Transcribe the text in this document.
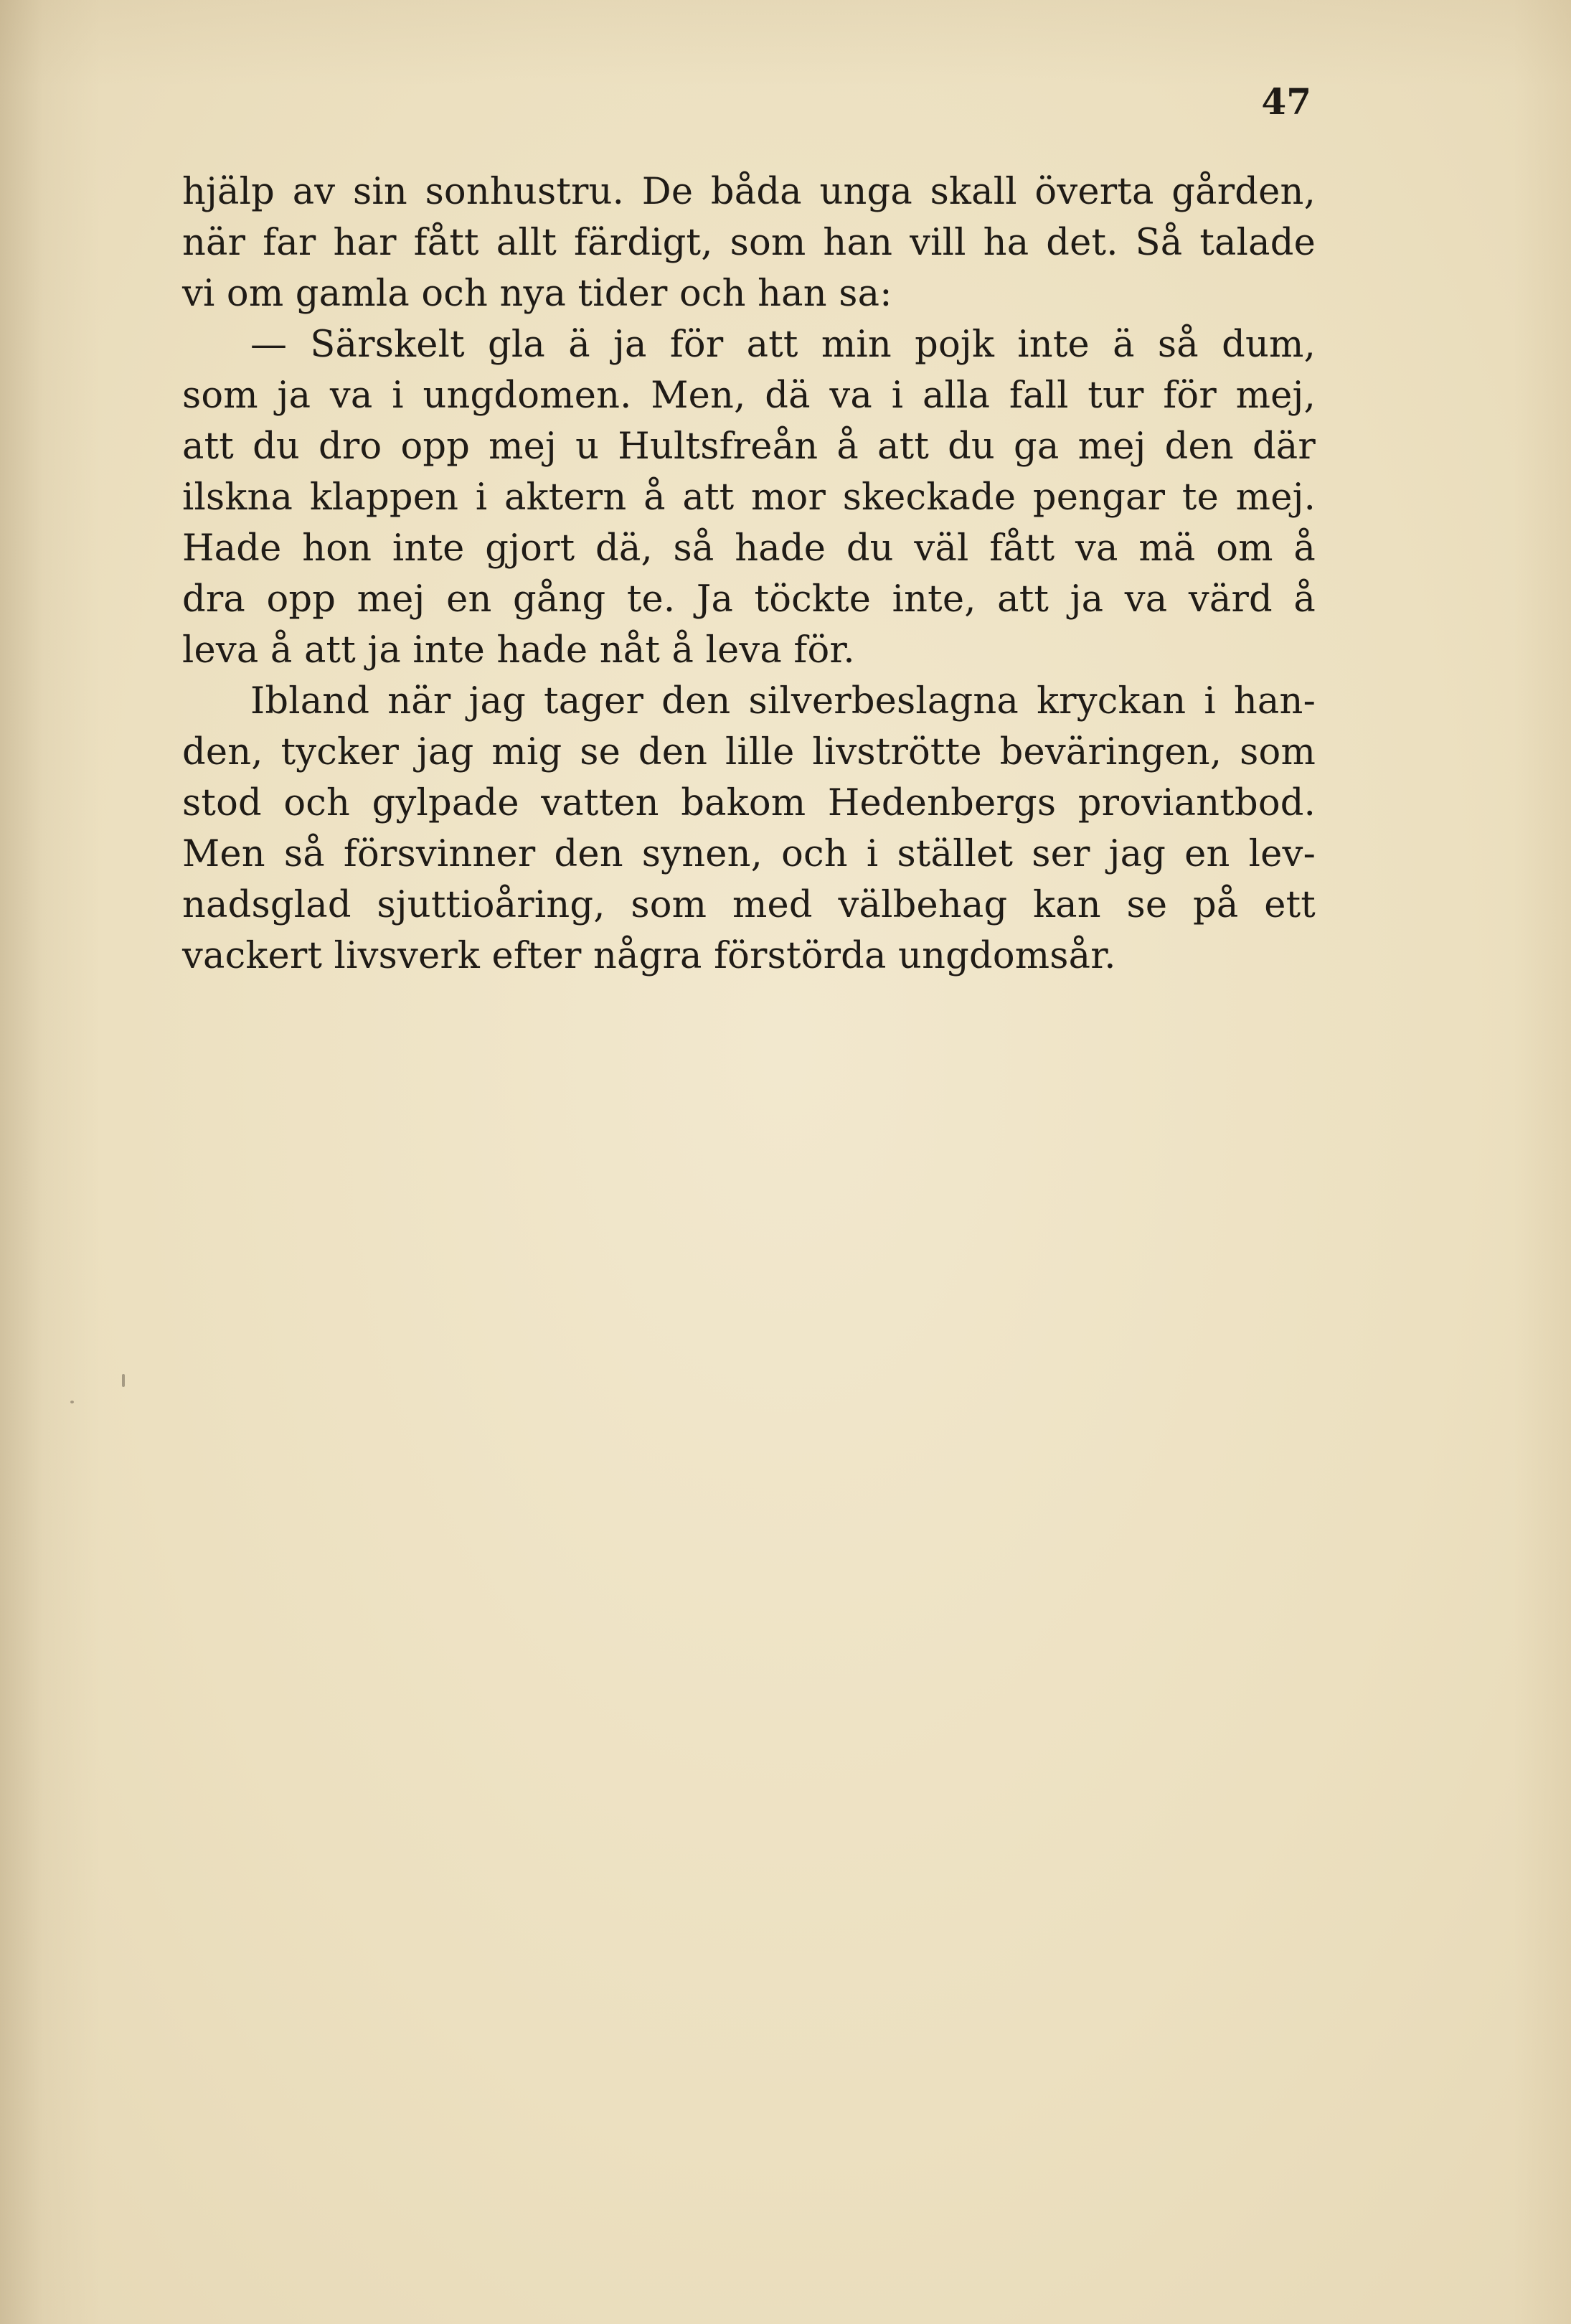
47
hjälp av sin sonhustru. De båda unga skall överta gården,
när far har fått allt färdigt, som han vill ha det. Så talade
vi om gamla och nya tider och han sa:
— Särskelt gla ä ja för att min pojk inte ä så dum,
som ja va i ungdomen. Men, dä va i alla fall tur för mej,
att du dro opp mej u Hultsfreån å att du ga mej den där
ilskna klappen i aktern å att mor skeckade pengar te mej.
Hade hon inte gjort dä, så hade du väl fått va mä om å
dra opp mej en gång te. Ja töckte inte, att ja va värd å
leva å att ja inte hade nåt å leva för.
Ibland när jag tager den silverbeslagna kryckan i han-
den, tycker jag mig se den lille livströtte beväringen, som
stod och gylpade vatten bakom Hedenbergs proviantbod.
Men så försvinner den synen, och i stället ser jag en lev-
nadsglad sjuttioåring, som med välbehag kan se på ett
vackert livsverk efter några förstörda ungdomsår.
